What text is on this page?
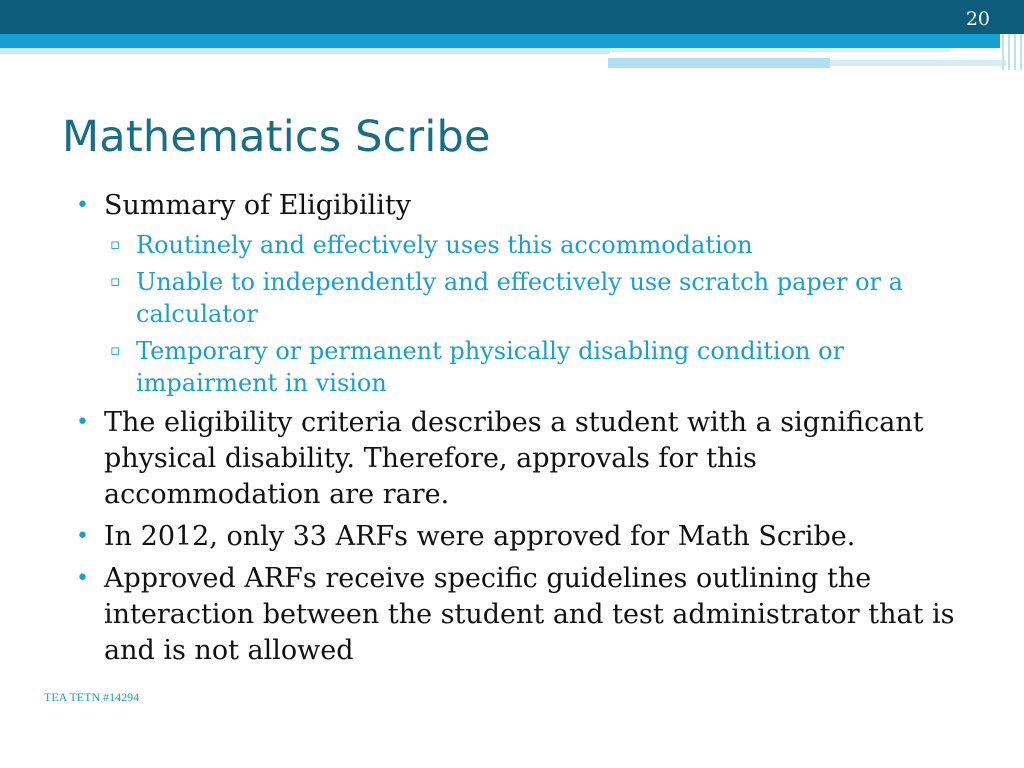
20
Mathematics Scribe
• Summary of Eligibility
▫ Routinely and effectively uses this accommodation
▫ Unable to independently and effectively use scratch paper or a calculator
▫ Temporary or permanent physically disabling condition or impairment in vision
• The eligibility criteria describes a student with a significant physical disability. Therefore, approvals for this accommodation are rare.
• In 2012, only 33 ARFs were approved for Math Scribe.
• Approved ARFs receive specific guidelines outlining the interaction between the student and test administrator that is and is not allowed
TEA TETN #14294
